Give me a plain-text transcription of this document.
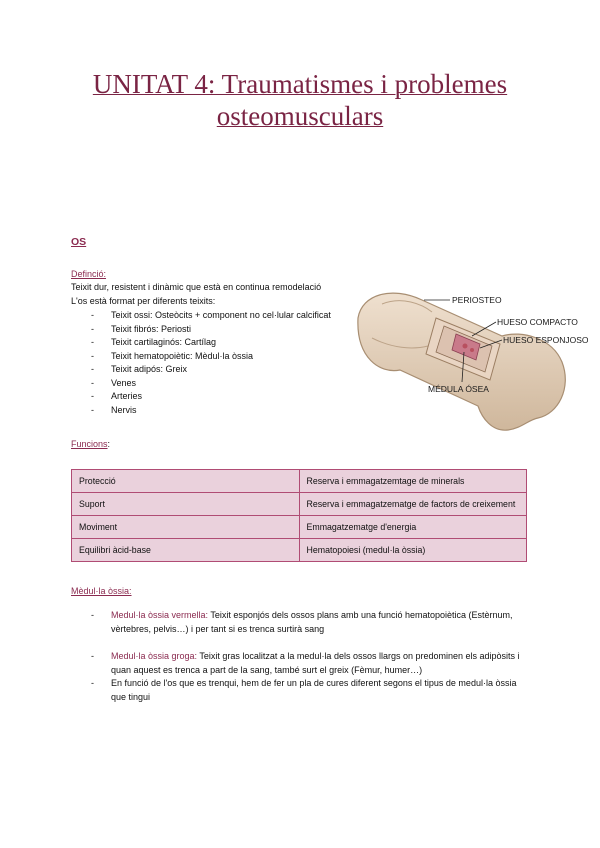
UNITAT 4: Traumatismes i problemes osteomusculars
OS
Definció:
Teixit dur, resistent i dinàmic que està en continua remodelació
L'os està format per diferents teixits:
- Teixit ossi: Osteòcits + component no cel·lular calcificat
- Teixit fibrós: Periosti
- Teixit cartilaginós: Cartílag
- Teixit hematopoiètic: Mèdul·la òssia
- Teixit adipós: Greix
- Venes
- Arteries
- Nervis
PERIOSTEO
HUESO COMPACTO
HUESO ESPONJOSO
MÉDULA ÓSEA
Funcions:
Protecció	Reserva i emmagatzemtage de minerals
Suport	Reserva i emmagatzematge de factors de creixement
Moviment	Emmagatzematge d'energia
Equilibri àcid-base	Hematopoiesi (medul·la òssia)
Mèdul·la òssia:
- Medul·la òssia vermella: Teixit esponjós dels ossos plans amb una funció hematopoiètica (Estèrnum, vèrtebres, pelvis…) i per tant si es trenca surtirà sang
- Medul·la òssia groga: Teixit gras localitzat a la medul·la dels ossos llargs on predominen els adipòsits i quan aquest es trenca a part de la sang, també surt el greix (Fèmur, humer…)
- En funció de l'os que es trenqui, hem de fer un pla de cures diferent segons el tipus de medul·la òssia que tingui
